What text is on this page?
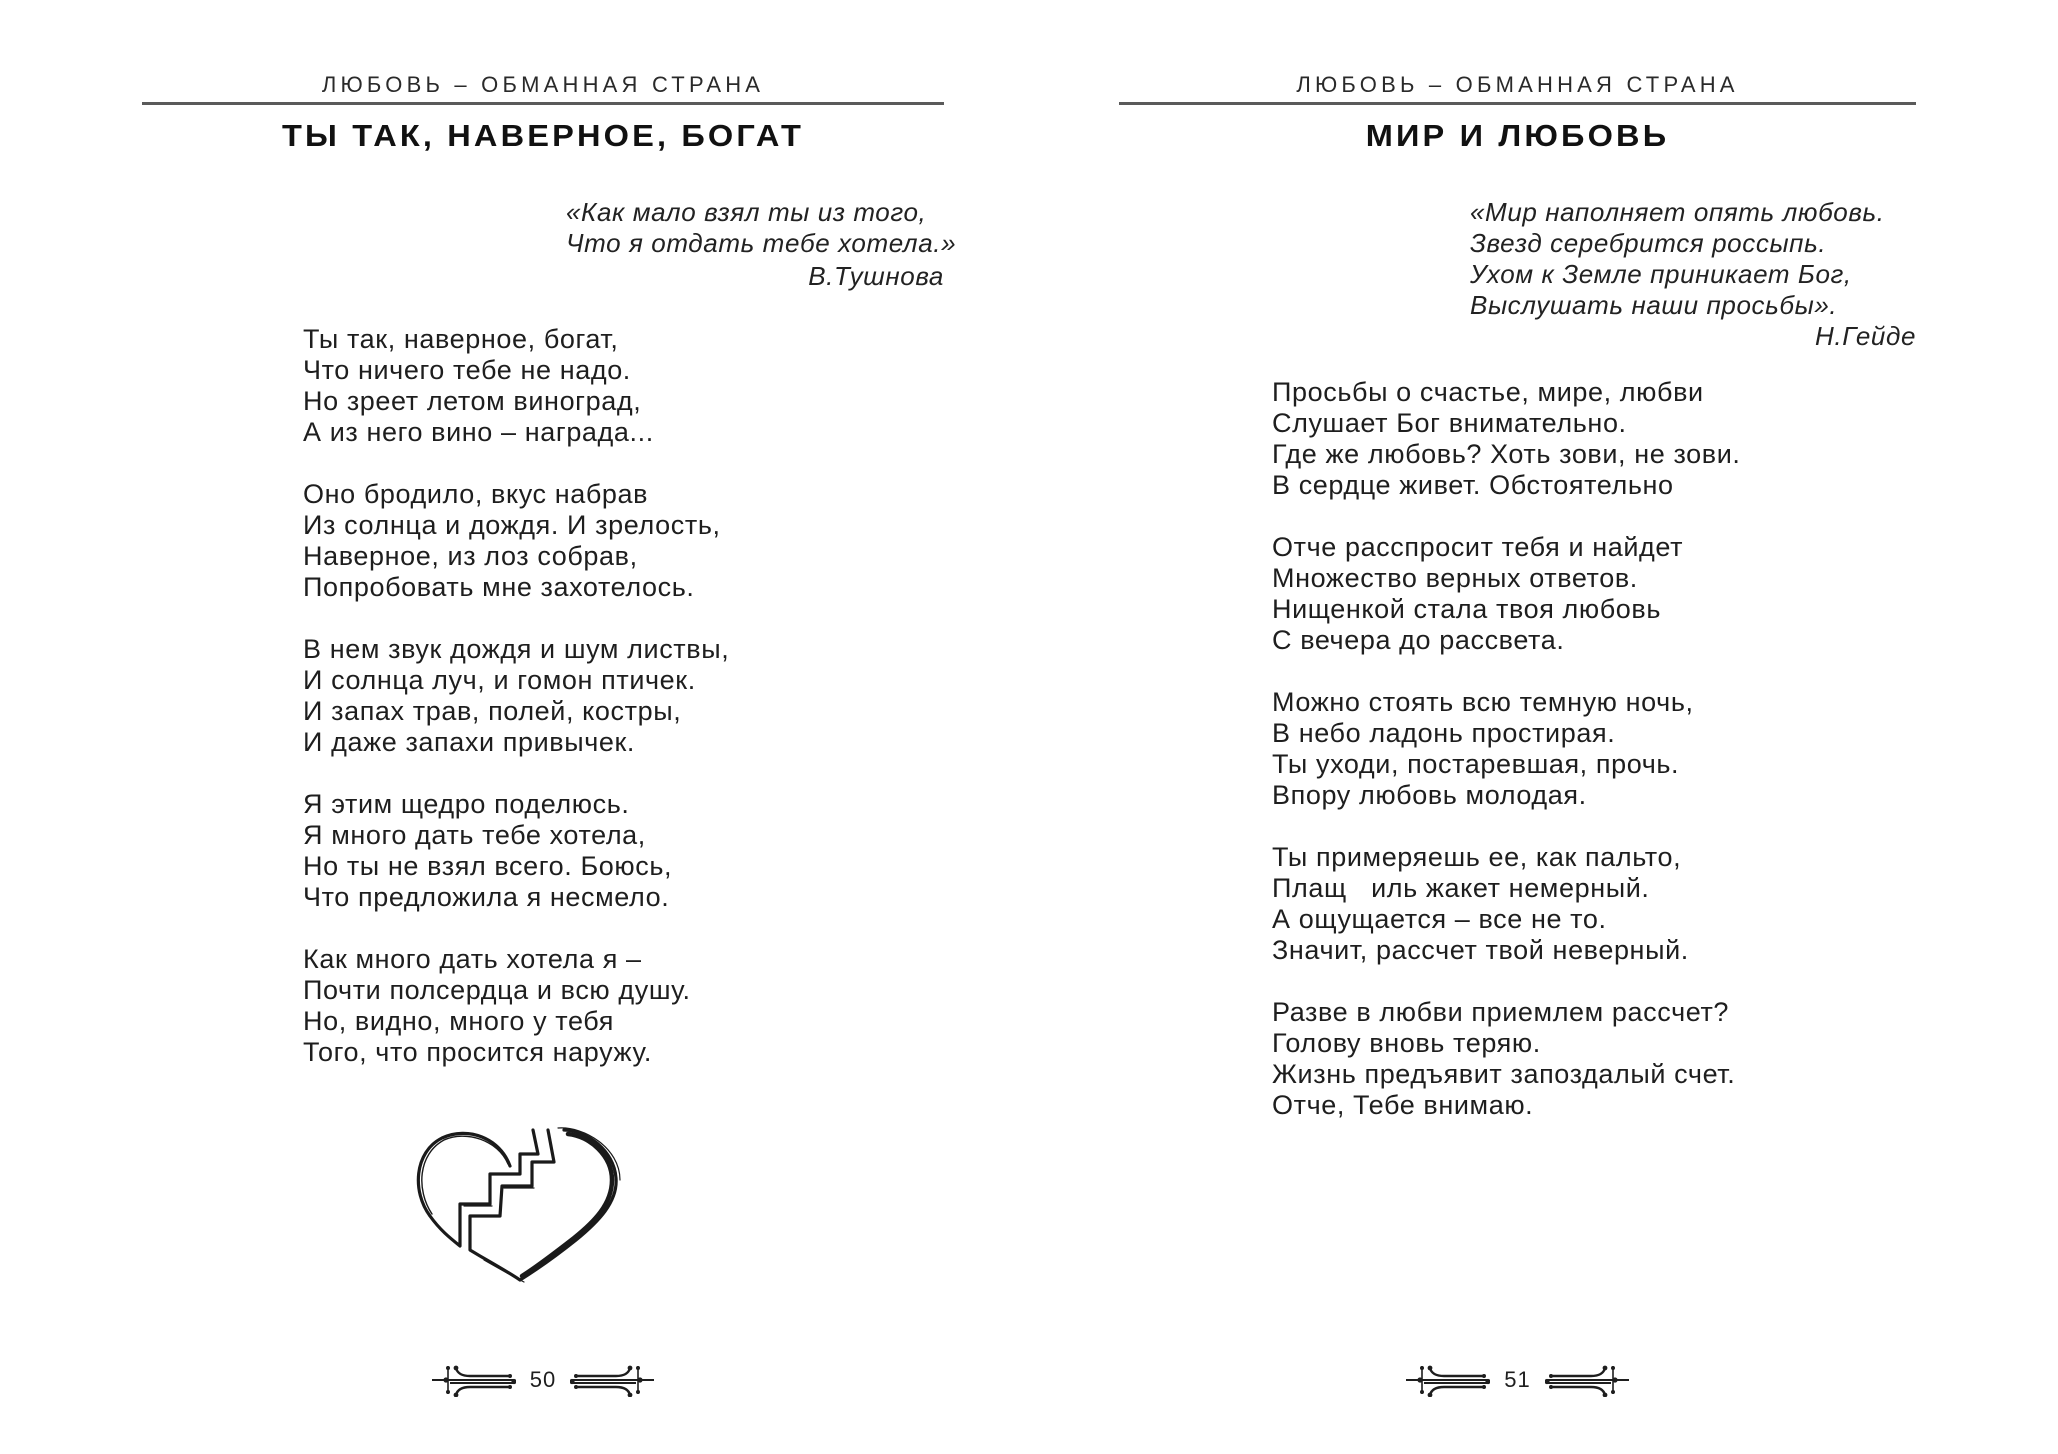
ЛЮБОВЬ – ОБМАННАЯ СТРАНА
ТЫ ТАК, НАВЕРНОЕ, БОГАТ
«Как мало взял ты из того,
Что я отдать тебе хотела.»
В.Тушнова
Ты так, наверное, богат,
Что ничего тебе не надо.
Но зреет летом виноград,
А из него вино – награда...
Оно бродило, вкус набрав
Из солнца и дождя. И зрелость,
Наверное, из лоз собрав,
Попробовать мне захотелось.
В нем звук дождя и шум листвы,
И солнца луч, и гомон птичек.
И запах трав, полей, костры,
И даже запахи привычек.
Я этим щедро поделюсь.
Я много дать тебе хотела,
Но ты не взял всего. Боюсь,
Что предложила я несмело.
Как много дать хотела я –
Почти полсердца и всю душу.
Но, видно, много у тебя
Того, что просится наружу.
50
ЛЮБОВЬ – ОБМАННАЯ СТРАНА
МИР И ЛЮБОВЬ
«Мир наполняет опять любовь.
Звезд серебрится россыпь.
Ухом к Земле приникает Бог,
Выслушать наши просьбы».
Н.Гейде
Просьбы о счастье, мире, любви
Слушает Бог внимательно.
Где же любовь? Хоть зови, не зови.
В сердце живет. Обстоятельно
Отче расспросит тебя и найдет
Множество верных ответов.
Нищенкой стала твоя любовь
С вечера до рассвета.
Можно стоять всю темную ночь,
В небо ладонь простирая.
Ты уходи, постаревшая, прочь.
Впору любовь молодая.
Ты примеряешь ее, как пальто,
Плащ   иль жакет немерный.
А ощущается – все не то.
Значит, рассчет твой неверный.
Разве в любви приемлем рассчет?
Голову вновь теряю.
Жизнь предъявит запоздалый счет.
Отче, Тебе внимаю.
51
